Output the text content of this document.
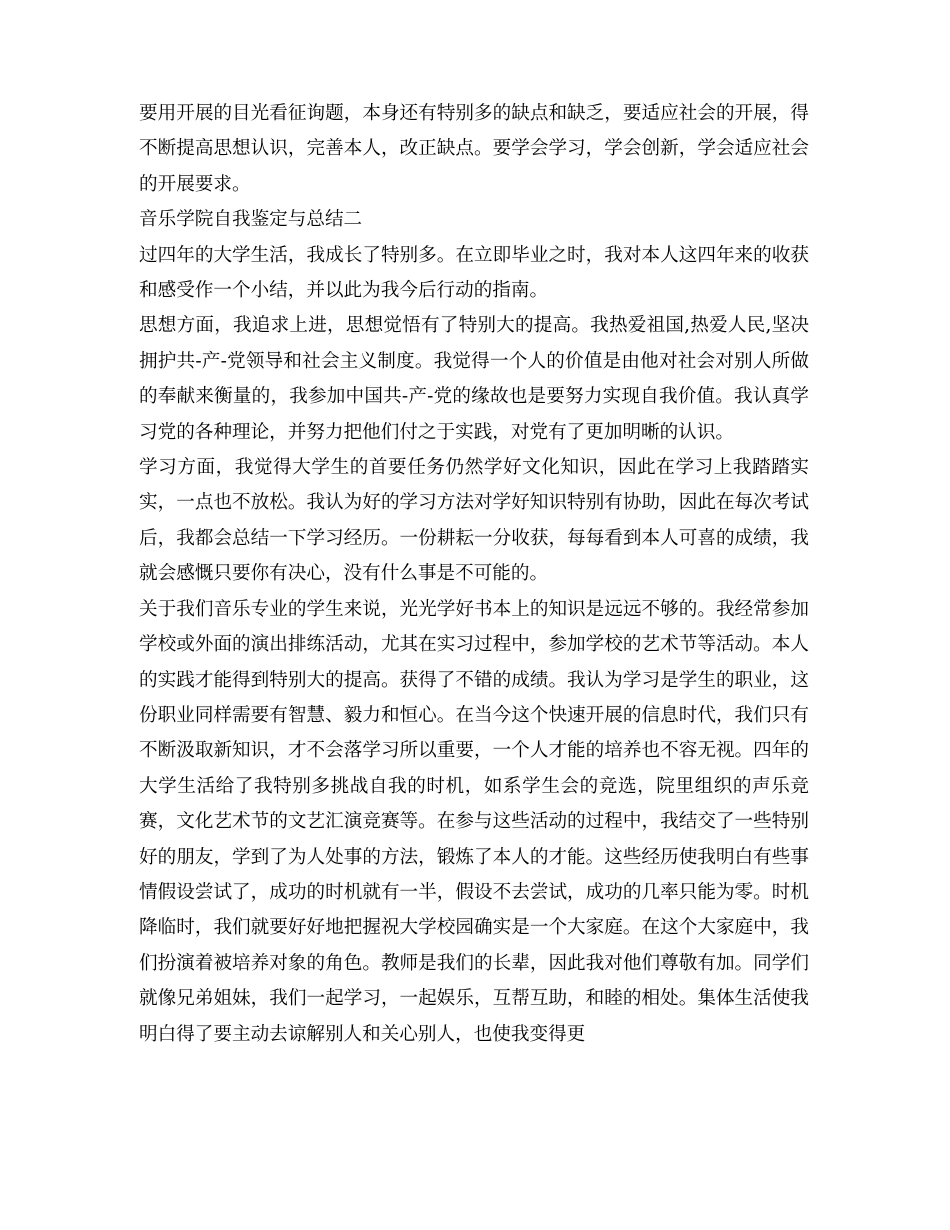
要用开展的目光看征询题，本身还有特别多的缺点和缺乏，要适应社会的开展，得不断提高思想认识，完善本人，改正缺点。要学会学习，学会创新，学会适应社会的开展要求。

音乐学院自我鉴定与总结二

过四年的大学生活，我成长了特别多。在立即毕业之时，我对本人这四年来的收获和感受作一个小结，并以此为我今后行动的指南。

思想方面，我追求上进，思想觉悟有了特别大的提高。我热爱祖国,热爱人民,坚决拥护共-产-党领导和社会主义制度。我觉得一个人的价值是由他对社会对别人所做的奉献来衡量的，我参加中国共-产-党的缘故也是要努力实现自我价值。我认真学习党的各种理论，并努力把他们付之于实践，对党有了更加明晰的认识。

学习方面，我觉得大学生的首要任务仍然学好文化知识，因此在学习上我踏踏实实，一点也不放松。我认为好的学习方法对学好知识特别有协助，因此在每次考试后，我都会总结一下学习经历。一份耕耘一分收获，每每看到本人可喜的成绩，我就会感慨只要你有决心，没有什么事是不可能的。

关于我们音乐专业的学生来说，光光学好书本上的知识是远远不够的。我经常参加学校或外面的演出排练活动，尤其在实习过程中，参加学校的艺术节等活动。本人的实践才能得到特别大的提高。获得了不错的成绩。我认为学习是学生的职业，这份职业同样需要有智慧、毅力和恒心。在当今这个快速开展的信息时代，我们只有不断汲取新知识，才不会落学习所以重要，一个人才能的培养也不容无视。四年的大学生活给了我特别多挑战自我的时机，如系学生会的竞选，院里组织的声乐竞赛，文化艺术节的文艺汇演竞赛等。在参与这些活动的过程中，我结交了一些特别好的朋友，学到了为人处事的方法，锻炼了本人的才能。这些经历使我明白有些事情假设尝试了，成功的时机就有一半，假设不去尝试，成功的几率只能为零。时机降临时，我们就要好好地把握祝大学校园确实是一个大家庭。在这个大家庭中，我们扮演着被培养对象的角色。教师是我们的长辈，因此我对他们尊敬有加。同学们就像兄弟姐妹，我们一起学习，一起娱乐，互帮互助，和睦的相处。集体生活使我明白得了要主动去谅解别人和关心别人，也使我变得更
